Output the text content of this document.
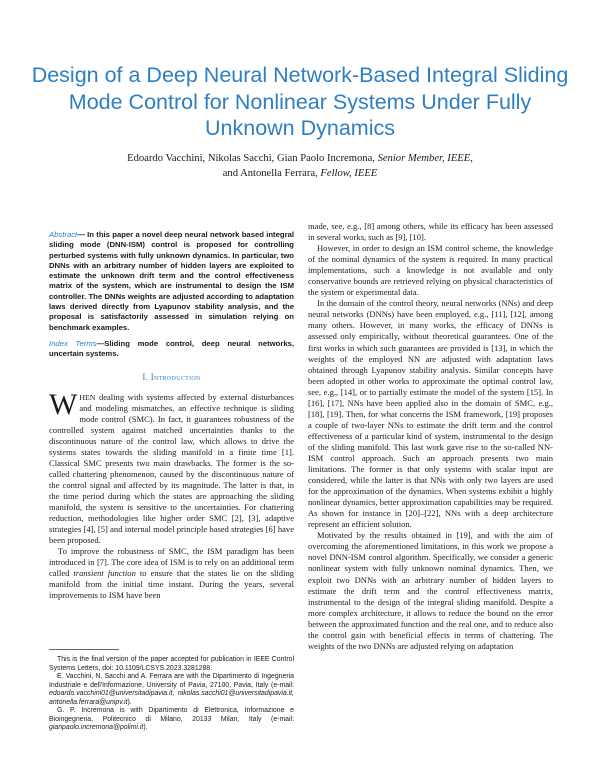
Design of a Deep Neural Network-Based Integral Sliding Mode Control for Nonlinear Systems Under Fully Unknown Dynamics
Edoardo Vacchini, Nikolas Sacchi, Gian Paolo Incremona, Senior Member, IEEE,
and Antonella Ferrara, Fellow, IEEE
Abstract— In this paper a novel deep neural network based integral sliding mode (DNN-ISM) control is proposed for controlling perturbed systems with fully unknown dynamics. In particular, two DNNs with an arbitrary number of hidden layers are exploited to estimate the unknown drift term and the control effectiveness matrix of the system, which are instrumental to design the ISM controller. The DNNs weights are adjusted according to adaptation laws derived directly from Lyapunov stability analysis, and the proposal is satisfactorily assessed in simulation relying on benchmark examples.
Index Terms—Sliding mode control, deep neural networks, uncertain systems.
I. Introduction

WHEN dealing with systems affected by external disturbances and modeling mismatches, an effective technique is sliding mode control (SMC). In fact, it guarantees robustness of the controlled system against matched uncertainties thanks to the discontinuous nature of the control law, which allows to drive the systems states towards the sliding manifold in a finite time [1]. Classical SMC presents two main drawbacks. The former is the so-called chattering phenomenon, caused by the discontinuous nature of the control signal and affected by its magnitude. The latter is that, in the time period during which the states are approaching the sliding manifold, the system is sensitive to the uncertainties. For chattering reduction, methodologies like higher order SMC [2], [3], adaptive strategies [4], [5] and internal model principle based strategies [6] have been proposed.

To improve the robustness of SMC, the ISM paradigm has been introduced in [7]. The core idea of ISM is to rely on an additional term called transient function to ensure that the states lie on the sliding manifold from the initial time instant. During the years, several improvements to ISM have been

This is the final version of the paper accepted for publication in IEEE Control Systems Letters, doi: 10.1109/LCSYS.2023.3281288.

E. Vacchini, N. Sacchi and A. Ferrara are with the Dipartimento di Ingegneria Industriale e dell'Informazione, University of Pavia, 27100, Pavia, Italy (e-mail: edoardo.vacchini01@universitadipavia.it, nikolas.sacchi01@universitadipavia.it, antonella.ferrara@unipv.it).

G. P. Incremona is with Dipartimento di Elettronica, Informazione e Bioingegneria, Politecnico di Milano, 20133 Milan, Italy (e-mail: gianpaolo.incremona@polimi.it).

made, see, e.g., [8] among others, while its efficacy has been assessed in several works, such as [9], [10].

However, in order to design an ISM control scheme, the knowledge of the nominal dynamics of the system is required. In many practical implementations, such a knowledge is not available and only conservative bounds are retrieved relying on physical characteristics of the system or experimental data.

In the domain of the control theory, neural networks (NNs) and deep neural networks (DNNs) have been employed, e.g., [11], [12], among many others. However, in many works, the efficacy of DNNs is assessed only empirically, without theoretical guarantees. One of the first works in which such guarantees are provided is [13], in which the weights of the employed NN are adjusted with adaptation laws obtained through Lyapunov stability analysis. Similar concepts have been adopted in other works to approximate the optimal control law, see, e.g., [14], or to partially estimate the model of the system [15]. In [16], [17], NNs have been applied also in the domain of SMC, e.g., [18], [19]. Then, for what concerns the ISM framework, [19] proposes a couple of two-layer NNs to estimate the drift term and the control effectiveness of a particular kind of system, instrumental to the design of the sliding manifold. This last work gave rise to the so-called NN-ISM control approach. Such an approach presents two main limitations. The former is that only systems with scalar input are considered, while the latter is that NNs with only two layers are used for the approximation of the dynamics. When systems exhibit a highly nonlinear dynamics, better approximation capabilities may be required. As shown for instance in [20]–[22], NNs with a deep architecture represent an efficient solution.

Motivated by the results obtained in [19], and with the aim of overcoming the aforementioned limitations, in this work we propose a novel DNN-ISM control algorithm. Specifically, we consider a generic nonlinear system with fully unknown nominal dynamics. Then, we exploit two DNNs with an arbitrary number of hidden layers to estimate the drift term and the control effectiveness matrix, instrumental to the design of the integral sliding manifold. Despite a more complex architecture, it allows to reduce the bound on the error between the approximated function and the real one, and to reduce also the control gain with beneficial effects in terms of chattering. The weights of the two DNNs are adjusted relying on adaptation
